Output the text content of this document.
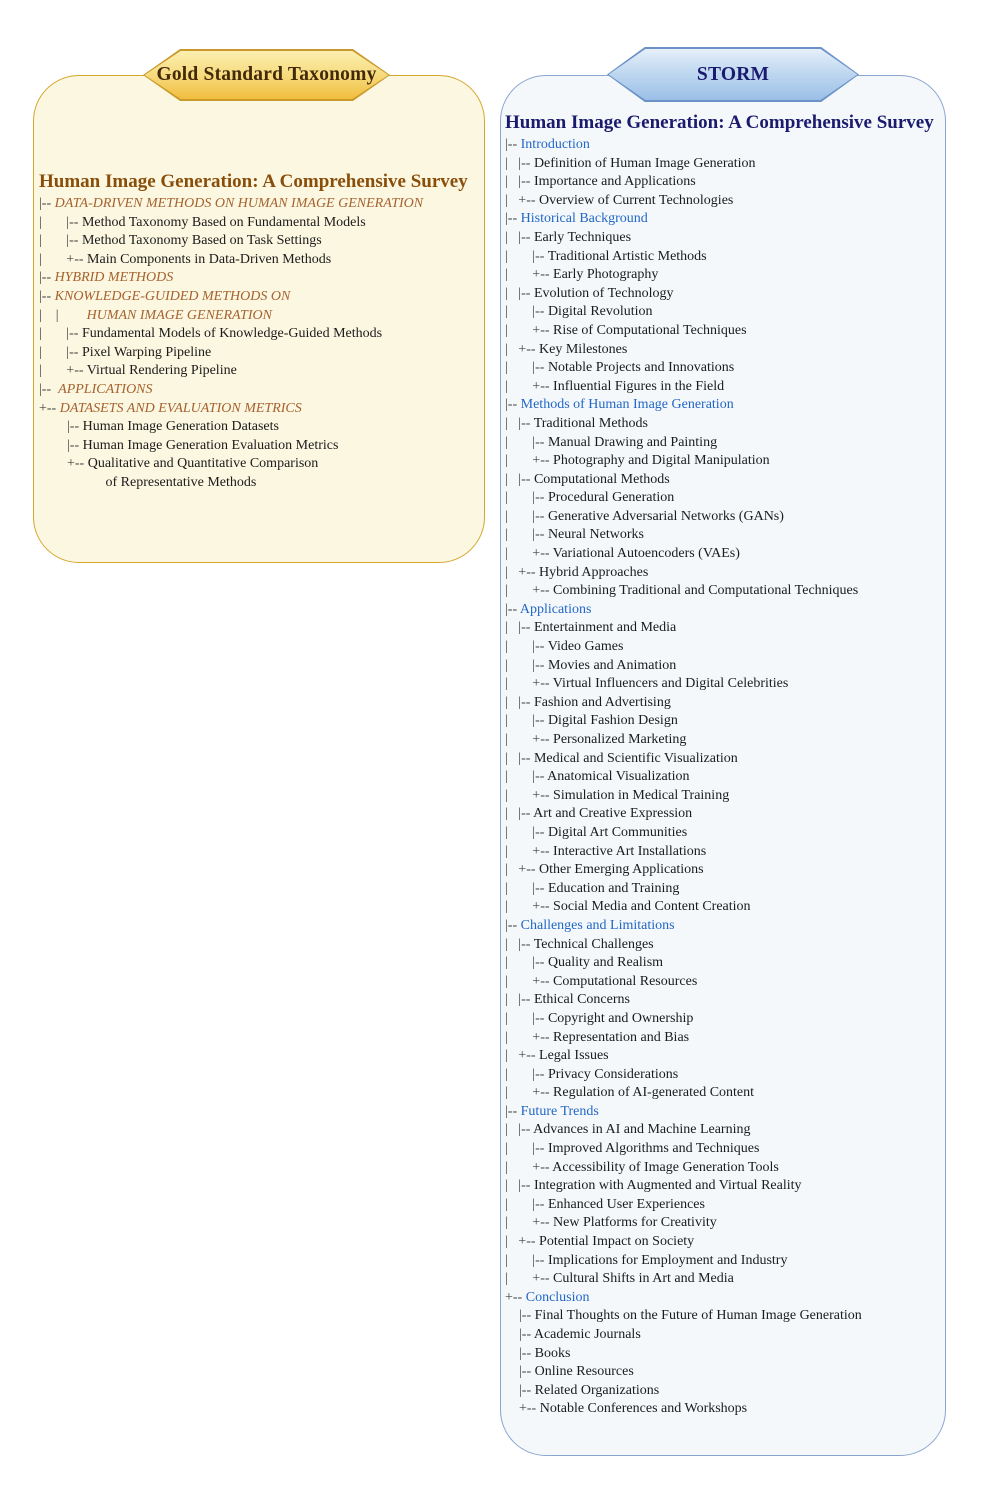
Gold Standard Taxonomy	STORM
Human Image Generation: A Comprehensive Survey
|-- DATA-DRIVEN METHODS ON HUMAN IMAGE GENERATION
|       |-- Method Taxonomy Based on Fundamental Models
|       |-- Method Taxonomy Based on Task Settings
|       +-- Main Components in Data-Driven Methods
|-- HYBRID METHODS
|-- KNOWLEDGE-GUIDED METHODS ON
|    |        HUMAN IMAGE GENERATION
|       |-- Fundamental Models of Knowledge-Guided Methods
|       |-- Pixel Warping Pipeline
|       +-- Virtual Rendering Pipeline
|--  APPLICATIONS
+-- DATASETS AND EVALUATION METRICS
|-- Human Image Generation Datasets
|-- Human Image Generation Evaluation Metrics
+-- Qualitative and Quantitative Comparison
of Representative Methods
Human Image Generation: A Comprehensive Survey
|-- Introduction
|   |-- Definition of Human Image Generation
|   |-- Importance and Applications
|   +-- Overview of Current Technologies
|-- Historical Background
|   |-- Early Techniques
|       |-- Traditional Artistic Methods
|       +-- Early Photography
|   |-- Evolution of Technology
|       |-- Digital Revolution
|       +-- Rise of Computational Techniques
|   +-- Key Milestones
|       |-- Notable Projects and Innovations
|       +-- Influential Figures in the Field
|-- Methods of Human Image Generation
|   |-- Traditional Methods
|       |-- Manual Drawing and Painting
|       +-- Photography and Digital Manipulation
|   |-- Computational Methods
|       |-- Procedural Generation
|       |-- Generative Adversarial Networks (GANs)
|       |-- Neural Networks
|       +-- Variational Autoencoders (VAEs)
|   +-- Hybrid Approaches
|       +-- Combining Traditional and Computational Techniques
|-- Applications
|   |-- Entertainment and Media
|       |-- Video Games
|       |-- Movies and Animation
|       +-- Virtual Influencers and Digital Celebrities
|   |-- Fashion and Advertising
|       |-- Digital Fashion Design
|       +-- Personalized Marketing
|   |-- Medical and Scientific Visualization
|       |-- Anatomical Visualization
|       +-- Simulation in Medical Training
|   |-- Art and Creative Expression
|       |-- Digital Art Communities
|       +-- Interactive Art Installations
|   +-- Other Emerging Applications
|       |-- Education and Training
|       +-- Social Media and Content Creation
|-- Challenges and Limitations
|   |-- Technical Challenges
|       |-- Quality and Realism
|       +-- Computational Resources
|   |-- Ethical Concerns
|       |-- Copyright and Ownership
|       +-- Representation and Bias
|   +-- Legal Issues
|       |-- Privacy Considerations
|       +-- Regulation of AI-generated Content
|-- Future Trends
|   |-- Advances in AI and Machine Learning
|       |-- Improved Algorithms and Techniques
|       +-- Accessibility of Image Generation Tools
|   |-- Integration with Augmented and Virtual Reality
|       |-- Enhanced User Experiences
|       +-- New Platforms for Creativity
|   +-- Potential Impact on Society
|       |-- Implications for Employment and Industry
|       +-- Cultural Shifts in Art and Media
+-- Conclusion
|-- Final Thoughts on the Future of Human Image Generation
|-- Academic Journals
|-- Books
|-- Online Resources
|-- Related Organizations
+-- Notable Conferences and Workshops
